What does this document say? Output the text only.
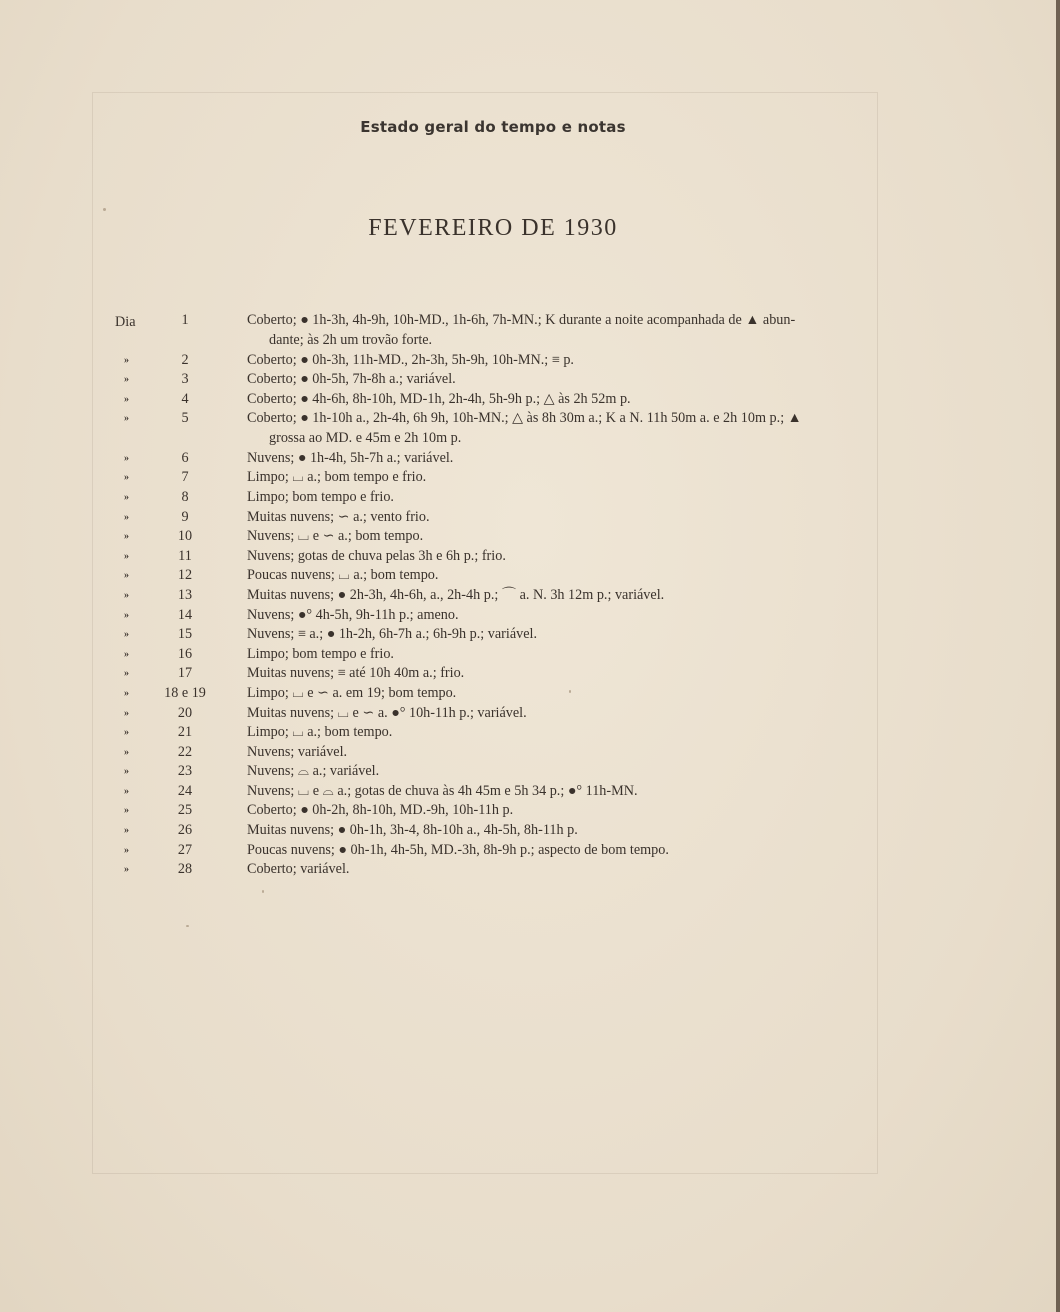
Estado geral do tempo e notas
FEVEREIRO DE 1930
Dia	1	Coberto; ● 1h-3h, 4h-9h, 10h-MD., 1h-6h, 7h-MN.; K durante a noite acompanhada de ▲ abun-
dante; às 2h um trovão forte.
»	2	Coberto; ● 0h-3h, 11h-MD., 2h-3h, 5h-9h, 10h-MN.; ≡ p.
»	3	Coberto; ● 0h-5h, 7h-8h a.; variável.
»	4	Coberto; ● 4h-6h, 8h-10h, MD-1h, 2h-4h, 5h-9h p.; △ às 2h 52m p.
»	5	Coberto; ● 1h-10h a., 2h-4h, 6h 9h, 10h-MN.; △ às 8h 30m a.; K a N. 11h 50m a. e 2h 10m p.; ▲
grossa ao MD. e 45m e 2h 10m p.
»	6	Nuvens; ● 1h-4h, 5h-7h a.; variável.
»	7	Limpo; ⌴ a.; bom tempo e frio.
»	8	Limpo; bom tempo e frio.
»	9	Muitas nuvens; ∽ a.; vento frio.
»	10	Nuvens; ⌴ e ∽ a.; bom tempo.
»	11	Nuvens; gotas de chuva pelas 3h e 6h p.; frio.
»	12	Poucas nuvens; ⌴ a.; bom tempo.
»	13	Muitas nuvens; ● 2h-3h, 4h-6h, a., 2h-4h p.; ⌒ a. N. 3h 12m p.; variável.
»	14	Nuvens; ●° 4h-5h, 9h-11h p.; ameno.
»	15	Nuvens; ≡ a.; ● 1h-2h, 6h-7h a.; 6h-9h p.; variável.
»	16	Limpo; bom tempo e frio.
»	17	Muitas nuvens; ≡ até 10h 40m a.; frio.
»	18 e 19	Limpo; ⌴ e ∽ a. em 19; bom tempo.
»	20	Muitas nuvens; ⌴ e ∽ a. ●° 10h-11h p.; variável.
»	21	Limpo; ⌴ a.; bom tempo.
»	22	Nuvens; variável.
»	23	Nuvens; ⌓ a.; variável.
»	24	Nuvens; ⌴ e ⌓ a.; gotas de chuva às 4h 45m e 5h 34 p.; ●° 11h-MN.
»	25	Coberto; ● 0h-2h, 8h-10h, MD.-9h, 10h-11h p.
»	26	Muitas nuvens; ● 0h-1h, 3h-4, 8h-10h a., 4h-5h, 8h-11h p.
»	27	Poucas nuvens; ● 0h-1h, 4h-5h, MD.-3h, 8h-9h p.; aspecto de bom tempo.
»	28	Coberto; variável.
